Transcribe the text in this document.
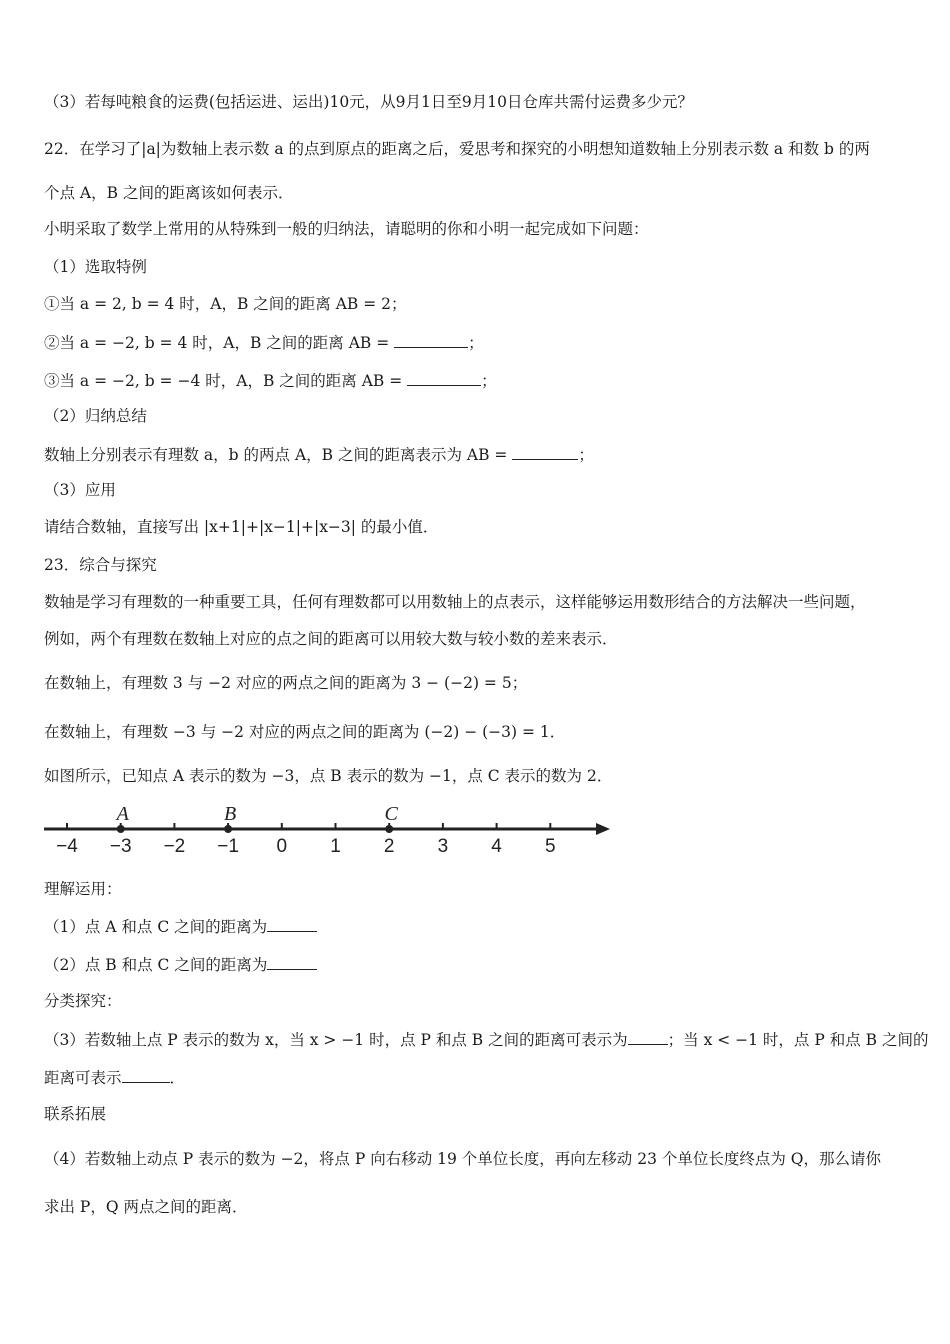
（3）若每吨粮食的运费(包括运进、运出)10元，从9月1日至9月10日仓库共需付运费多少元？
22．在学习了|a|为数轴上表示数 a 的点到原点的距离之后，爱思考和探究的小明想知道数轴上分别表示数 a 和数 b 的两
个点 A，B 之间的距离该如何表示．
小明采取了数学上常用的从特殊到一般的归纳法，请聪明的你和小明一起完成如下问题：
（1）选取特例
①当 a = 2, b = 4 时，A，B 之间的距离 AB = 2；
②当 a = −2, b = 4 时，A，B 之间的距离 AB =	；
③当 a = −2, b = −4 时，A，B 之间的距离 AB =	；
（2）归纳总结
数轴上分别表示有理数 a，b 的两点 A，B 之间的距离表示为 AB =	；
（3）应用
请结合数轴，直接写出 |x+1|+|x−1|+|x−3| 的最小值．
23．综合与探究
数轴是学习有理数的一种重要工具，任何有理数都可以用数轴上的点表示，这样能够运用数形结合的方法解决一些问题，
例如，两个有理数在数轴上对应的点之间的距离可以用较大数与较小数的差来表示．
在数轴上，有理数 3 与 −2 对应的两点之间的距离为 3 − (−2) = 5；
在数轴上，有理数 −3 与 −2 对应的两点之间的距离为 (−2) − (−3) = 1．
如图所示，已知点 A 表示的数为 −3，点 B 表示的数为 −1，点 C 表示的数为 2．
−4 −3 −2 −1 0 1 2 3 4 5
A	B	C
理解运用：
（1）点 A 和点 C 之间的距离为
（2）点 B 和点 C 之间的距离为
分类探究：
（3）若数轴上点 P 表示的数为 x，当 x > −1 时，点 P 和点 B 之间的距离可表示为	；当 x < −1 时，点 P 和点 B 之间的
距离可表示	．
联系拓展
（4）若数轴上动点 P 表示的数为 −2，将点 P 向右移动 19 个单位长度，再向左移动 23 个单位长度终点为 Q，那么请你
求出 P，Q 两点之间的距离．
